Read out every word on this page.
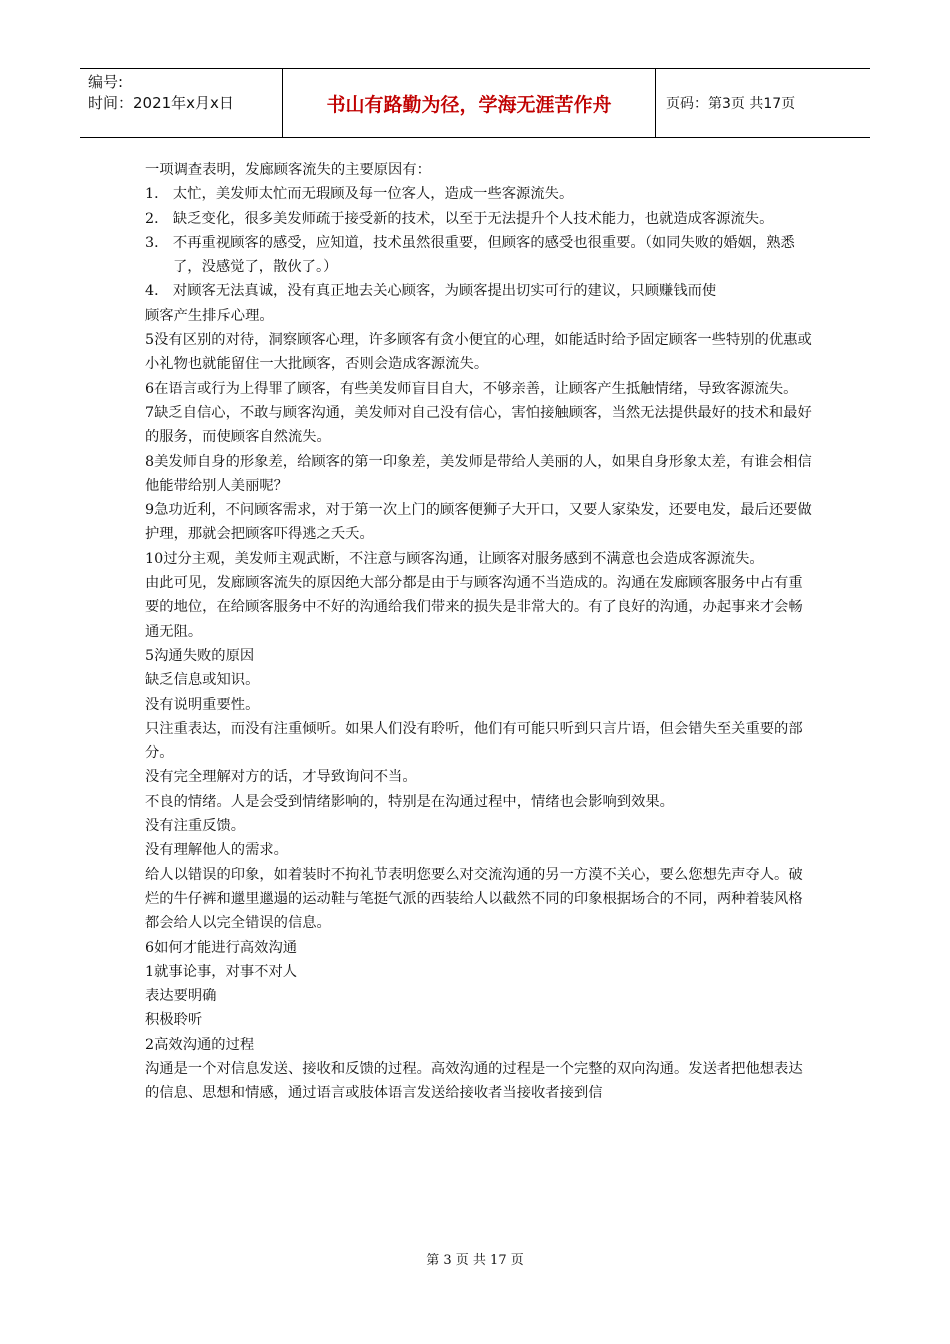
编号:
时间：2021年x月x日	书山有路勤为径，学海无涯苦作舟	页码：第3页 共17页

一项调查表明，发廊顾客流失的主要原因有：

1． 太忙，美发师太忙而无瑕顾及每一位客人，造成一些客源流失。

2． 缺乏变化，很多美发师疏于接受新的技术，以至于无法提升个人技术能力，也就造成客源流失。

3． 不再重视顾客的感受，应知道，技术虽然很重要，但顾客的感受也很重要。（如同失败的婚姻，熟悉了，没感觉了，散伙了。）

4． 对顾客无法真诚，没有真正地去关心顾客，为顾客提出切实可行的建议，只顾赚钱而使

顾客产生排斥心理。

5没有区别的对待，洞察顾客心理，许多顾客有贪小便宜的心理，如能适时给予固定顾客一些特别的优惠或小礼物也就能留住一大批顾客，否则会造成客源流失。

6在语言或行为上得罪了顾客，有些美发师盲目自大，不够亲善，让顾客产生抵触情绪，导致客源流失。

7缺乏自信心，不敢与顾客沟通，美发师对自己没有信心，害怕接触顾客，当然无法提供最好的技术和最好的服务，而使顾客自然流失。

8美发师自身的形象差，给顾客的第一印象差，美发师是带给人美丽的人，如果自身形象太差，有谁会相信他能带给别人美丽呢？

9急功近利，不问顾客需求，对于第一次上门的顾客便狮子大开口，又要人家染发，还要电发，最后还要做护理，那就会把顾客吓得逃之夭夭。

10过分主观，美发师主观武断，不注意与顾客沟通，让顾客对服务感到不满意也会造成客源流失。

由此可见，发廊顾客流失的原因绝大部分都是由于与顾客沟通不当造成的。沟通在发廊顾客服务中占有重要的地位，在给顾客服务中不好的沟通给我们带来的损失是非常大的。有了良好的沟通，办起事来才会畅通无阻。

5沟通失败的原因

缺乏信息或知识。

没有说明重要性。

只注重表达，而没有注重倾听。如果人们没有聆听，他们有可能只听到只言片语，但会错失至关重要的部分。

没有完全理解对方的话，才导致询问不当。

不良的情绪。人是会受到情绪影响的，特别是在沟通过程中，情绪也会影响到效果。

没有注重反馈。

没有理解他人的需求。

给人以错误的印象，如着装时不拘礼节表明您要么对交流沟通的另一方漠不关心，要么您想先声夺人。破烂的牛仔裤和邋里邋遢的运动鞋与笔挺气派的西装给人以截然不同的印象根据场合的不同，两种着装风格都会给人以完全错误的信息。

6如何才能进行高效沟通

1就事论事，对事不对人

表达要明确

积极聆听

2高效沟通的过程

沟通是一个对信息发送、接收和反馈的过程。高效沟通的过程是一个完整的双向沟通。发送者把他想表达的信息、思想和情感，通过语言或肢体语言发送给接收者当接收者接到信

第 3 页 共 17 页
